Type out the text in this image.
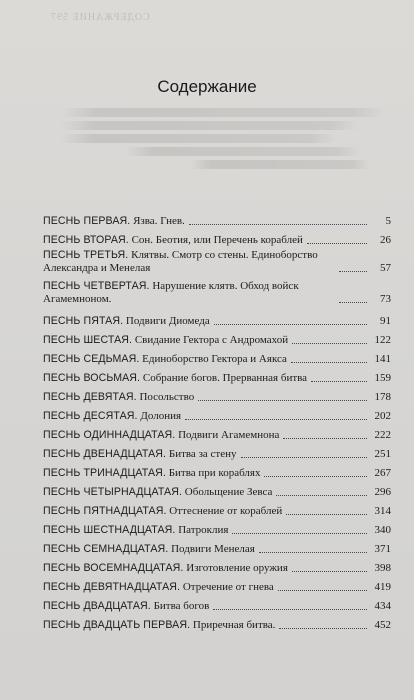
СОДЕРЖАНИЕ 597
Содержание
ПЕСНЬ ПЕРВАЯ. Язва. Гнев.	5
ПЕСНЬ ВТОРАЯ. Сон. Беотия, или Перечень кораблей	26
ПЕСНЬ ТРЕТЬЯ. Клятвы. Смотр со стены. Единоборство Александра и Менелая	57
ПЕСНЬ ЧЕТВЕРТАЯ. Нарушение клятв. Обход войск Агамемноном.	73
ПЕСНЬ ПЯТАЯ. Подвиги Диомеда	91
ПЕСНЬ ШЕСТАЯ. Свидание Гектора с Андромахой	122
ПЕСНЬ СЕДЬМАЯ. Единоборство Гектора и Аякса	141
ПЕСНЬ ВОСЬМАЯ. Собрание богов. Прерванная битва	159
ПЕСНЬ ДЕВЯТАЯ. Посольство	178
ПЕСНЬ ДЕСЯТАЯ. Долония	202
ПЕСНЬ ОДИННАДЦАТАЯ. Подвиги Агамемнона	222
ПЕСНЬ ДВЕНАДЦАТАЯ. Битва за стену	251
ПЕСНЬ ТРИНАДЦАТАЯ. Битва при кораблях	267
ПЕСНЬ ЧЕТЫРНАДЦАТАЯ. Обольщение Зевса	296
ПЕСНЬ ПЯТНАДЦАТАЯ. Оттеснение от кораблей	314
ПЕСНЬ ШЕСТНАДЦАТАЯ. Патроклия	340
ПЕСНЬ СЕМНАДЦАТАЯ. Подвиги Менелая	371
ПЕСНЬ ВОСЕМНАДЦАТАЯ. Изготовление оружия	398
ПЕСНЬ ДЕВЯТНАДЦАТАЯ. Отречение от гнева	419
ПЕСНЬ ДВАДЦАТАЯ. Битва богов	434
ПЕСНЬ ДВАДЦАТЬ ПЕРВАЯ. Приречная битва.	452
